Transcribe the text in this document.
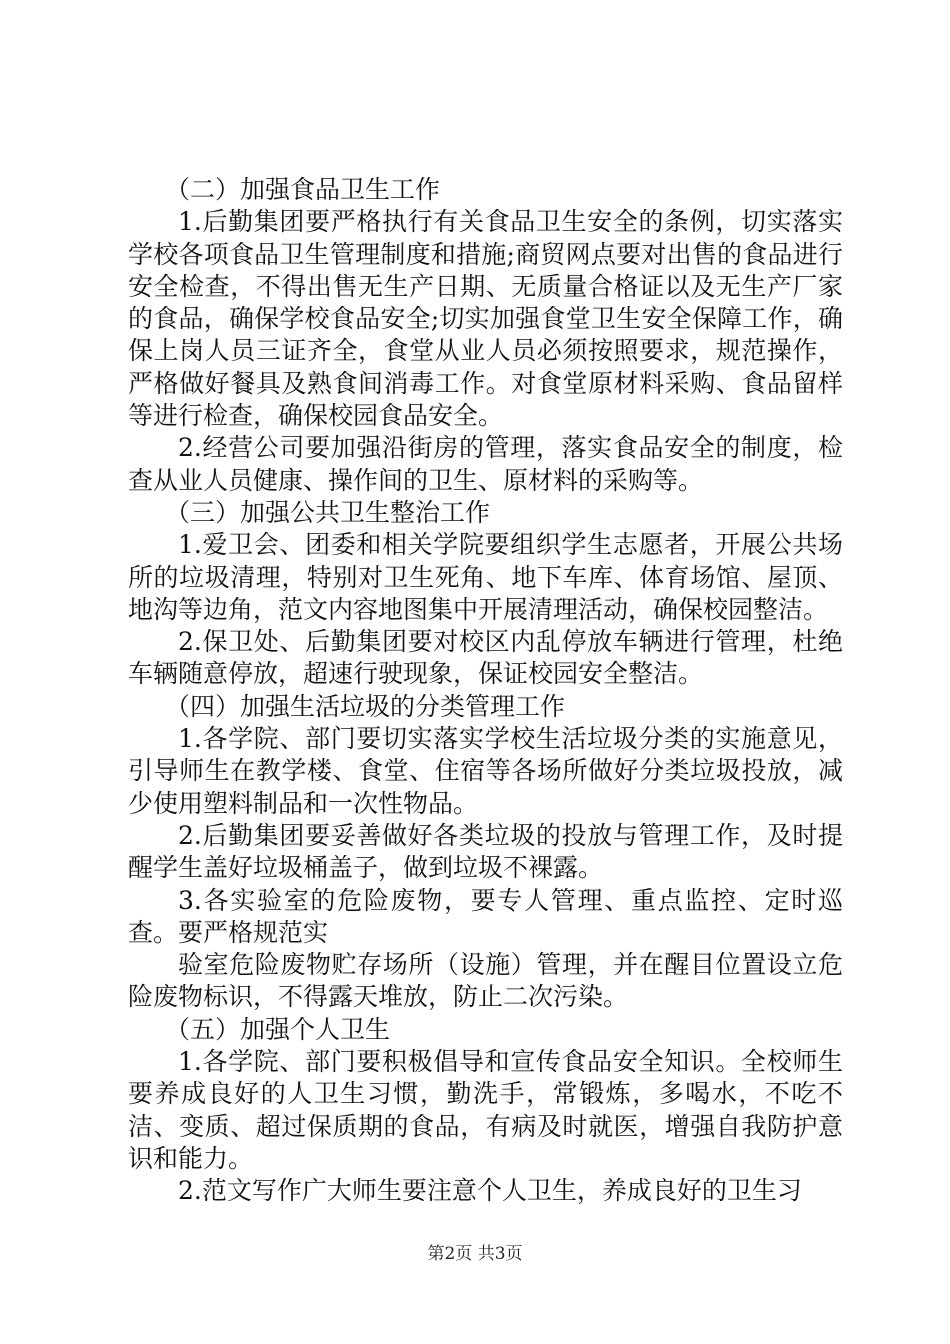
（二）加强食品卫生工作

1.后勤集团要严格执行有关食品卫生安全的条例，切实落实学校各项食品卫生管理制度和措施;商贸网点要对出售的食品进行安全检查，不得出售无生产日期、无质量合格证以及无生产厂家的食品，确保学校食品安全;切实加强食堂卫生安全保障工作，确保上岗人员三证齐全，食堂从业人员必须按照要求，规范操作，严格做好餐具及熟食间消毒工作。对食堂原材料采购、食品留样等进行检查，确保校园食品安全。

2.经营公司要加强沿街房的管理，落实食品安全的制度，检查从业人员健康、操作间的卫生、原材料的采购等。

（三）加强公共卫生整治工作

1.爱卫会、团委和相关学院要组织学生志愿者，开展公共场所的垃圾清理，特别对卫生死角、地下车库、体育场馆、屋顶、地沟等边角，范文内容地图集中开展清理活动，确保校园整洁。

2.保卫处、后勤集团要对校区内乱停放车辆进行管理，杜绝车辆随意停放，超速行驶现象，保证校园安全整洁。

（四）加强生活垃圾的分类管理工作

1.各学院、部门要切实落实学校生活垃圾分类的实施意见，引导师生在教学楼、食堂、住宿等各场所做好分类垃圾投放，减少使用塑料制品和一次性物品。

2.后勤集团要妥善做好各类垃圾的投放与管理工作，及时提醒学生盖好垃圾桶盖子，做到垃圾不裸露。

3.各实验室的危险废物，要专人管理、重点监控、定时巡查。要严格规范实

验室危险废物贮存场所（设施）管理，并在醒目位置设立危险废物标识，不得露天堆放，防止二次污染。

（五）加强个人卫生

1.各学院、部门要积极倡导和宣传食品安全知识。全校师生要养成良好的人卫生习惯，勤洗手，常锻炼，多喝水，不吃不洁、变质、超过保质期的食品，有病及时就医，增强自我防护意识和能力。

2.范文写作广大师生要注意个人卫生，养成良好的卫生习

第2页 共3页
